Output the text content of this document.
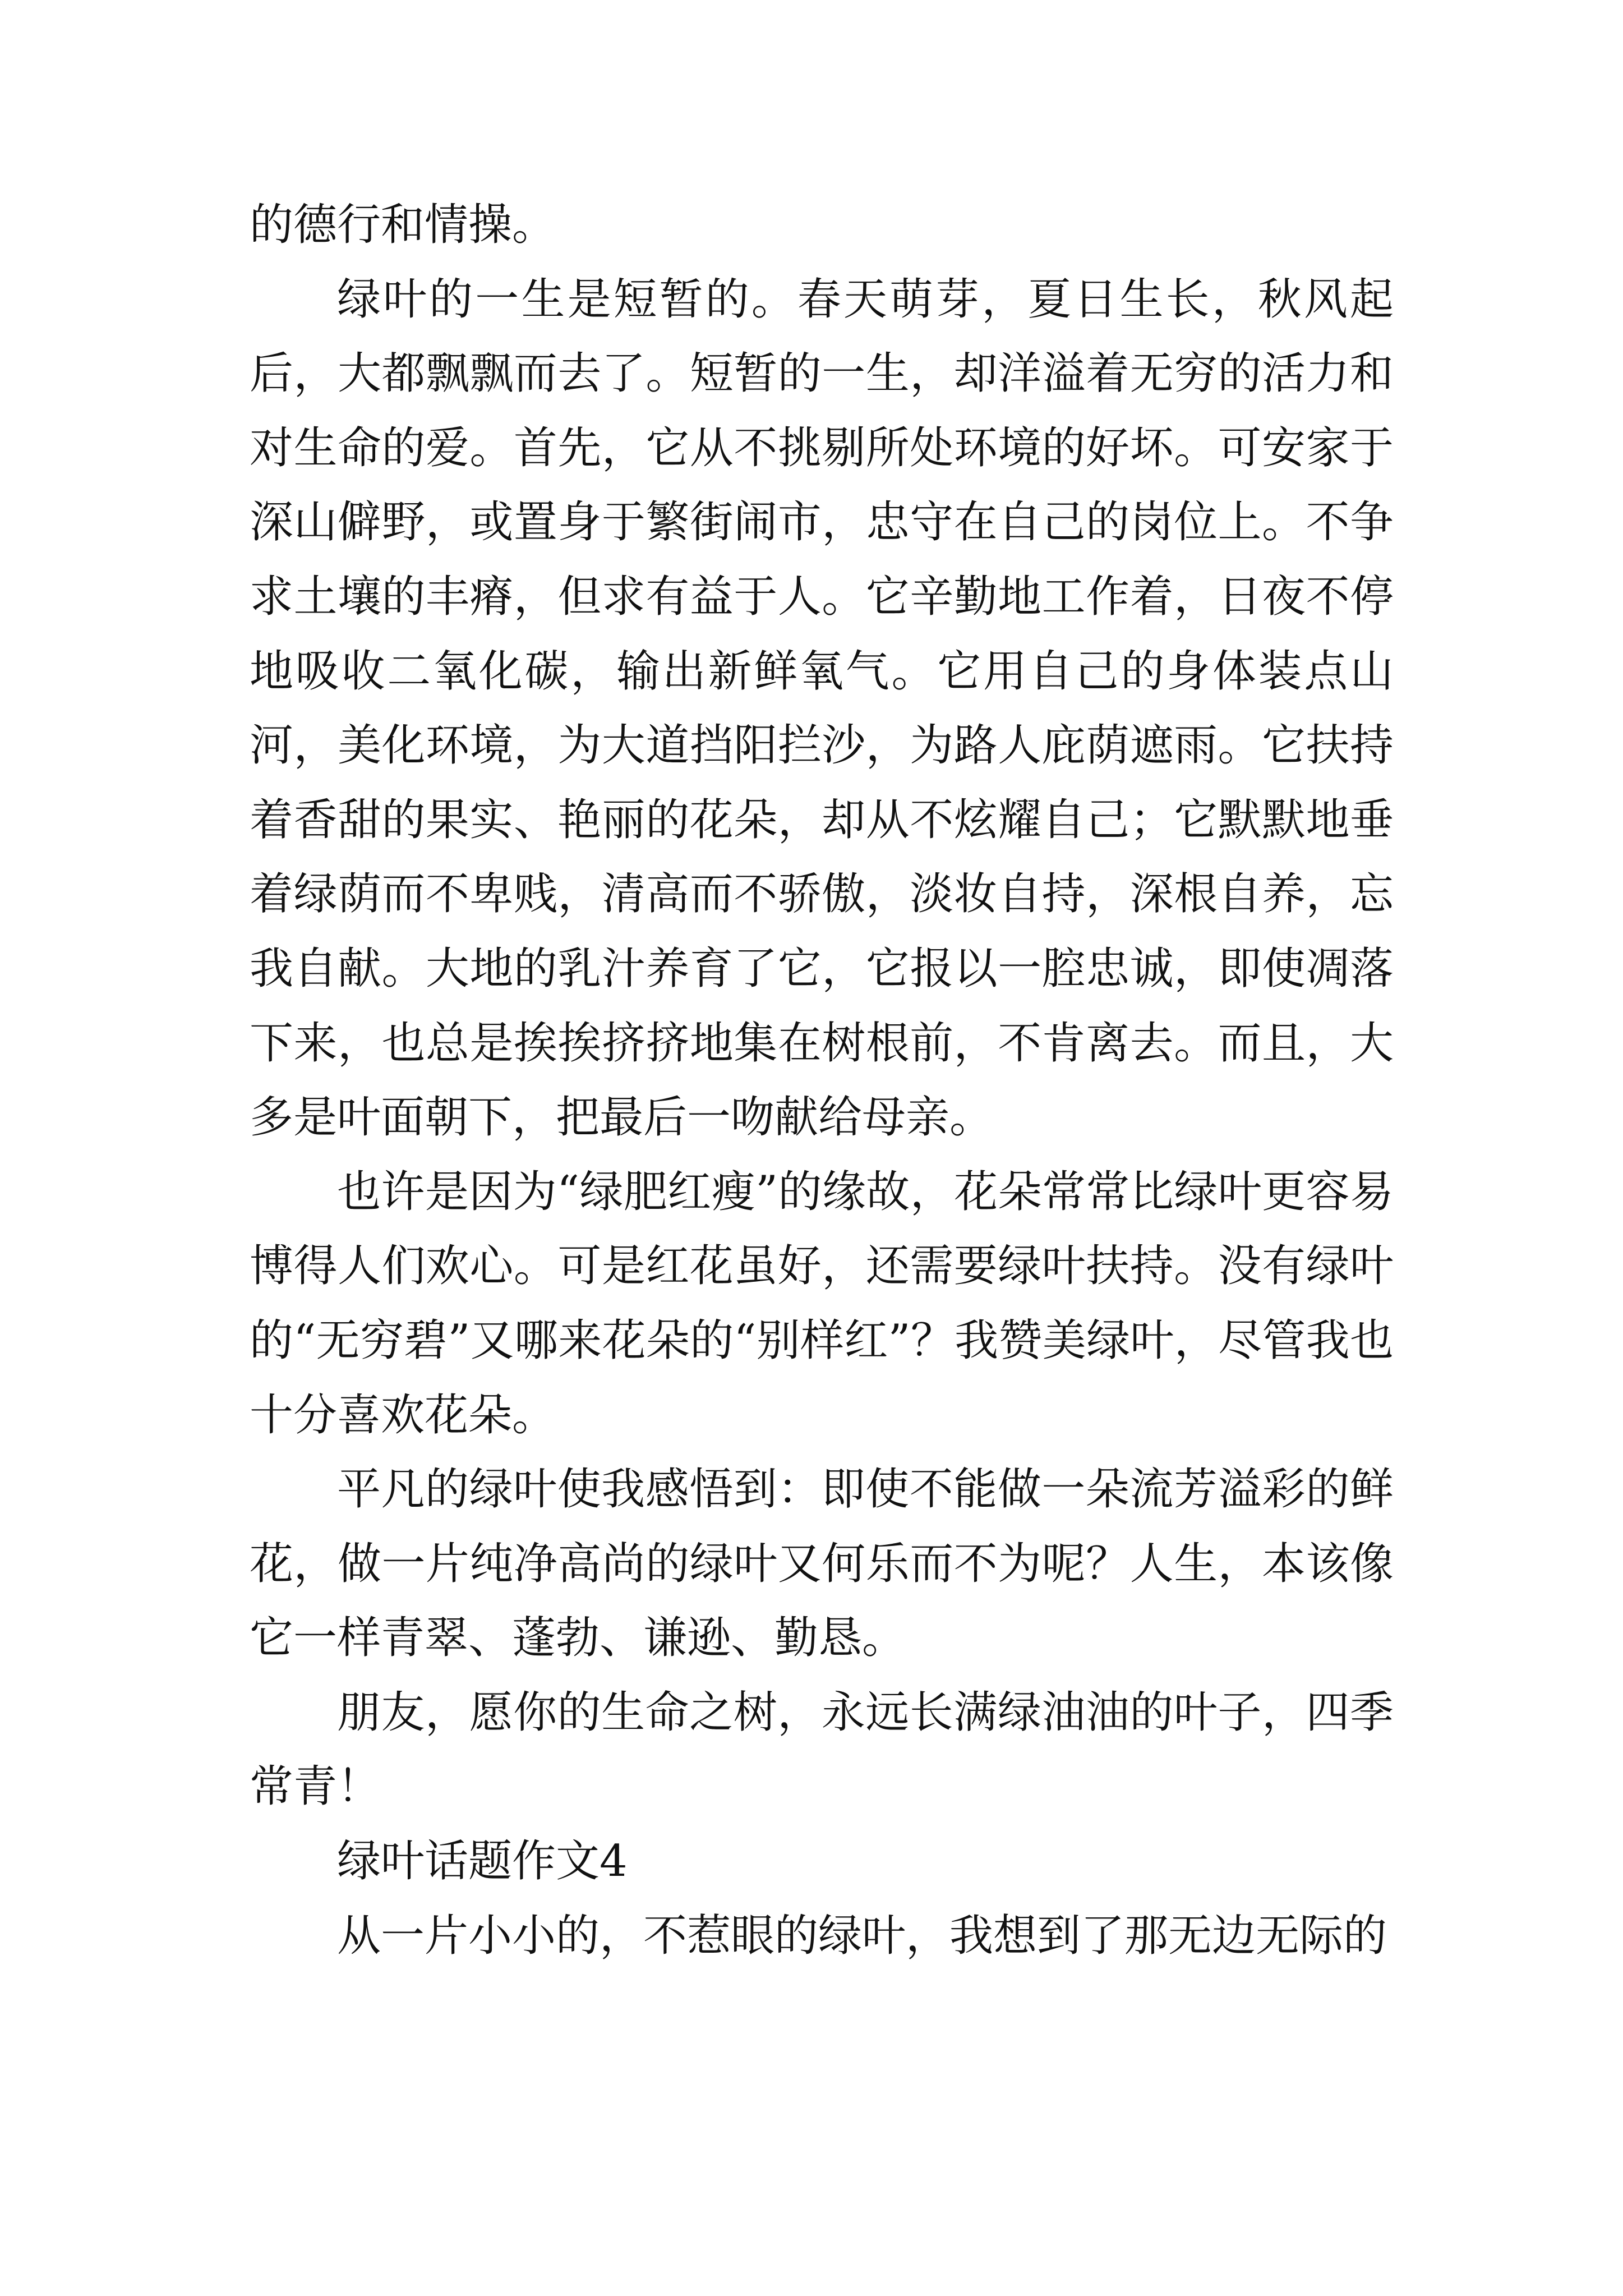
的德行和情操。

绿叶的一生是短暂的。春天萌芽，夏日生长，秋风起后，大都飘飘而去了。短暂的一生，却洋溢着无穷的活力和对生命的爱。首先，它从不挑剔所处环境的好坏。可安家于深山僻野，或置身于繁街闹市，忠守在自己的岗位上。不争求土壤的丰瘠，但求有益于人。它辛勤地工作着，日夜不停地吸收二氧化碳，输出新鲜氧气。它用自己的身体装点山河，美化环境，为大道挡阳拦沙，为路人庇荫遮雨。它扶持着香甜的果实、艳丽的花朵，却从不炫耀自己；它默默地垂着绿荫而不卑贱，清高而不骄傲，淡妆自持，深根自养，忘我自献。大地的乳汁养育了它，它报以一腔忠诚，即使凋落下来，也总是挨挨挤挤地集在树根前，不肯离去。而且，大多是叶面朝下，把最后一吻献给母亲。

也许是因为“绿肥红瘦”的缘故，花朵常常比绿叶更容易博得人们欢心。可是红花虽好，还需要绿叶扶持。没有绿叶的“无穷碧”又哪来花朵的“别样红”？我赞美绿叶，尽管我也十分喜欢花朵。

平凡的绿叶使我感悟到：即使不能做一朵流芳溢彩的鲜花，做一片纯净高尚的绿叶又何乐而不为呢？人生，本该像它一样青翠、蓬勃、谦逊、勤恳。

朋友，愿你的生命之树，永远长满绿油油的叶子，四季常青！

绿叶话题作文4

从一片小小的，不惹眼的绿叶，我想到了那无边无际的
